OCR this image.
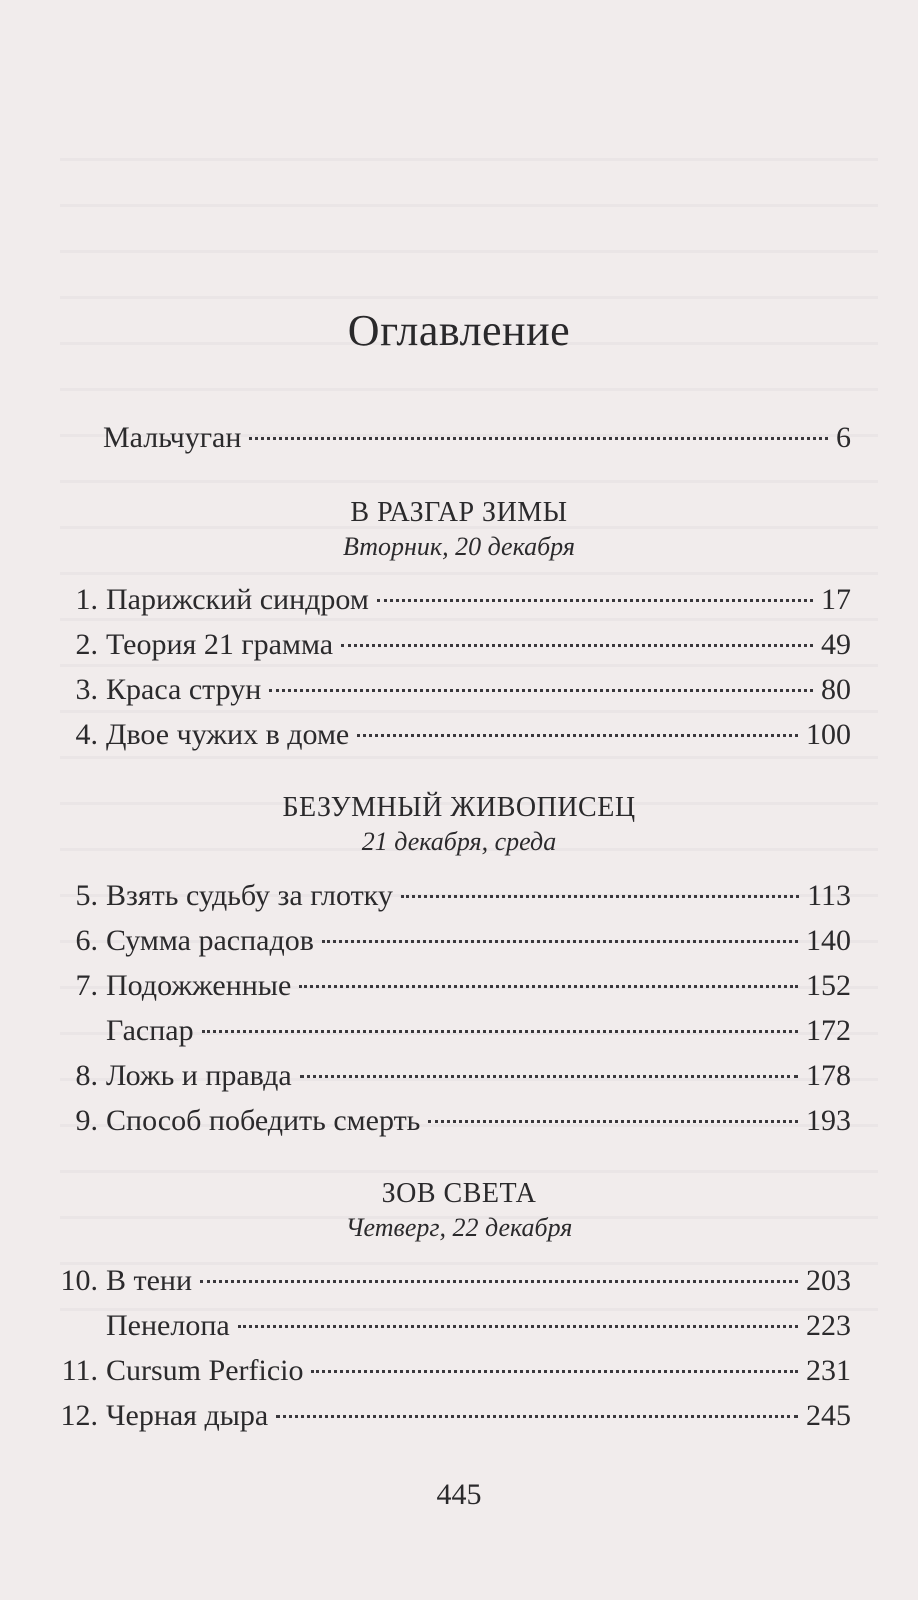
Оглавление
Мальчуган	6
В РАЗГАР ЗИМЫ
Вторник, 20 декабря
1. Парижский синдром	17
2. Теория 21 грамма	49
3. Краса струн	80
4. Двое чужих в доме	100
БЕЗУМНЫЙ ЖИВОПИСЕЦ
21 декабря, среда
5. Взять судьбу за глотку	113
6. Сумма распадов	140
7. Подожженные	152
Гаспар	172
8. Ложь и правда	178
9. Способ победить смерть	193
ЗОВ СВЕТА
Четверг, 22 декабря
10. В тени	203
Пенелопа	223
11. Cursum Perficio	231
12. Черная дыра	245
445
